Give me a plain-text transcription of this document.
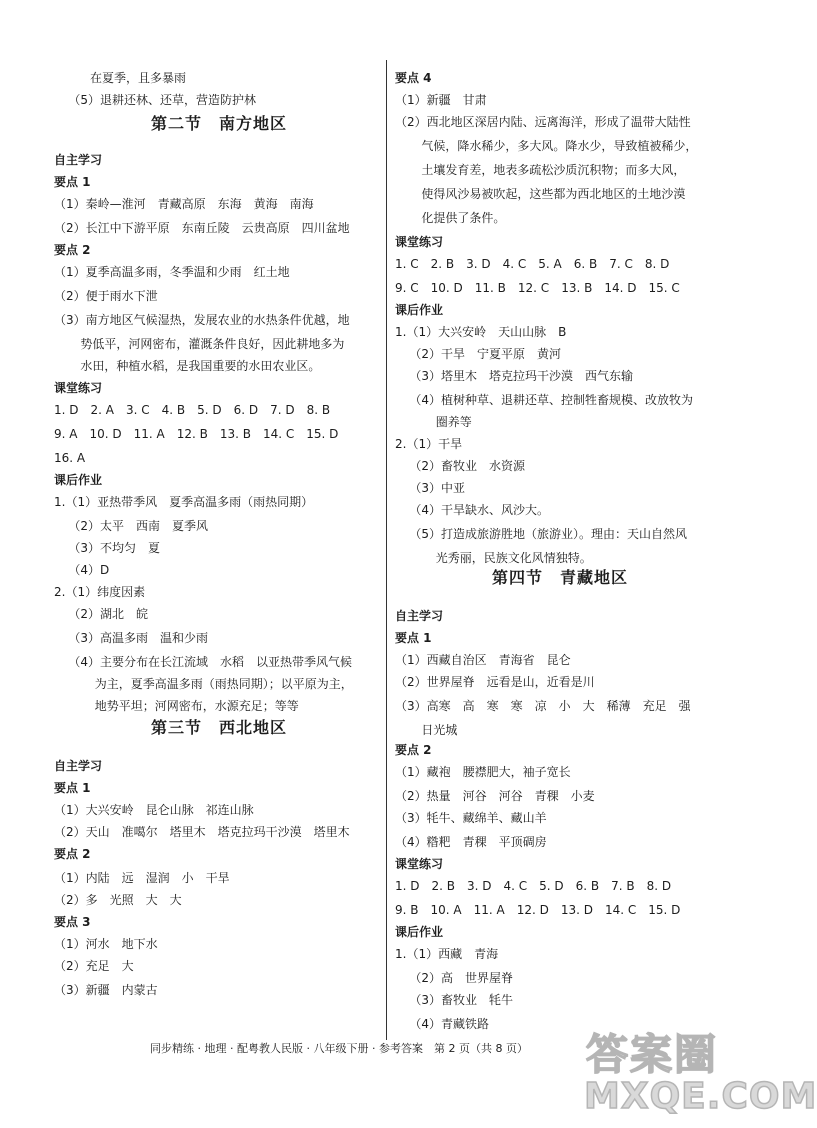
在夏季，且多暴雨
（5）退耕还林、还草，营造防护林
第二节　南方地区
自主学习
要点 1
（1）秦岭—淮河　青藏高原　东海　黄海　南海
（2）长江中下游平原　东南丘陵　云贵高原　四川盆地
要点 2
（1）夏季高温多雨，冬季温和少雨　红土地
（2）便于雨水下泄
（3）南方地区气候湿热，发展农业的水热条件优越，地
势低平，河网密布，灌溉条件良好，因此耕地多为
水田，种植水稻，是我国重要的水田农业区。
课堂练习
1. D　2. A　3. C　4. B　5. D　6. D　7. D　8. B
9. A　10. D　11. A　12. B　13. B　14. C　15. D
16. A
课后作业
1.（1）亚热带季风　夏季高温多雨（雨热同期）
（2）太平　西南　夏季风
（3）不均匀　夏
（4）D
2.（1）纬度因素
（2）湖北　皖
（3）高温多雨　温和少雨
（4）主要分布在长江流域　水稻　以亚热带季风气候
为主，夏季高温多雨（雨热同期）；以平原为主，
地势平坦；河网密布，水源充足；等等
第三节　西北地区
自主学习
要点 1
（1）大兴安岭　昆仑山脉　祁连山脉
（2）天山　准噶尔　塔里木　塔克拉玛干沙漠　塔里木
要点 2
（1）内陆　远　湿润　小　干旱
（2）多　光照　大　大
要点 3
（1）河水　地下水
（2）充足　大
（3）新疆　内蒙古
要点 4
（1）新疆　甘肃
（2）西北地区深居内陆、远离海洋，形成了温带大陆性
气候，降水稀少，多大风。降水少，导致植被稀少，
土壤发育差，地表多疏松沙质沉积物；而多大风，
使得风沙易被吹起，这些都为西北地区的土地沙漠
化提供了条件。
课堂练习
1. C　2. B　3. D　4. C　5. A　6. B　7. C　8. D
9. C　10. D　11. B　12. C　13. B　14. D　15. C
课后作业
1.（1）大兴安岭　天山山脉　B
（2）干旱　宁夏平原　黄河
（3）塔里木　塔克拉玛干沙漠　西气东输
（4）植树种草、退耕还草、控制牲畜规模、改放牧为
圈养等
2.（1）干旱
（2）畜牧业　水资源
（3）中亚
（4）干旱缺水、风沙大。
（5）打造成旅游胜地（旅游业）。理由：天山自然风
光秀丽，民族文化风情独特。
第四节　青藏地区
自主学习
要点 1
（1）西藏自治区　青海省　昆仑
（2）世界屋脊　远看是山，近看是川
（3）高寒　高　寒　寒　凉　小　大　稀薄　充足　强
日光城
要点 2
（1）藏袍　腰襟肥大，袖子宽长
（2）热量　河谷　河谷　青稞　小麦
（3）牦牛、藏绵羊、藏山羊
（4）糌粑　青稞　平顶碉房
课堂练习
1. D　2. B　3. D　4. C　5. D　6. B　7. B　8. D
9. B　10. A　11. A　12. D　13. D　14. C　15. D
课后作业
1.（1）西藏　青海
（2）高　世界屋脊
（3）畜牧业　牦牛
（4）青藏铁路
同步精练 · 地理 · 配粤教人民版 · 八年级下册 · 参考答案　第 2 页（共 8 页） 答案圈
MXQE.COM
